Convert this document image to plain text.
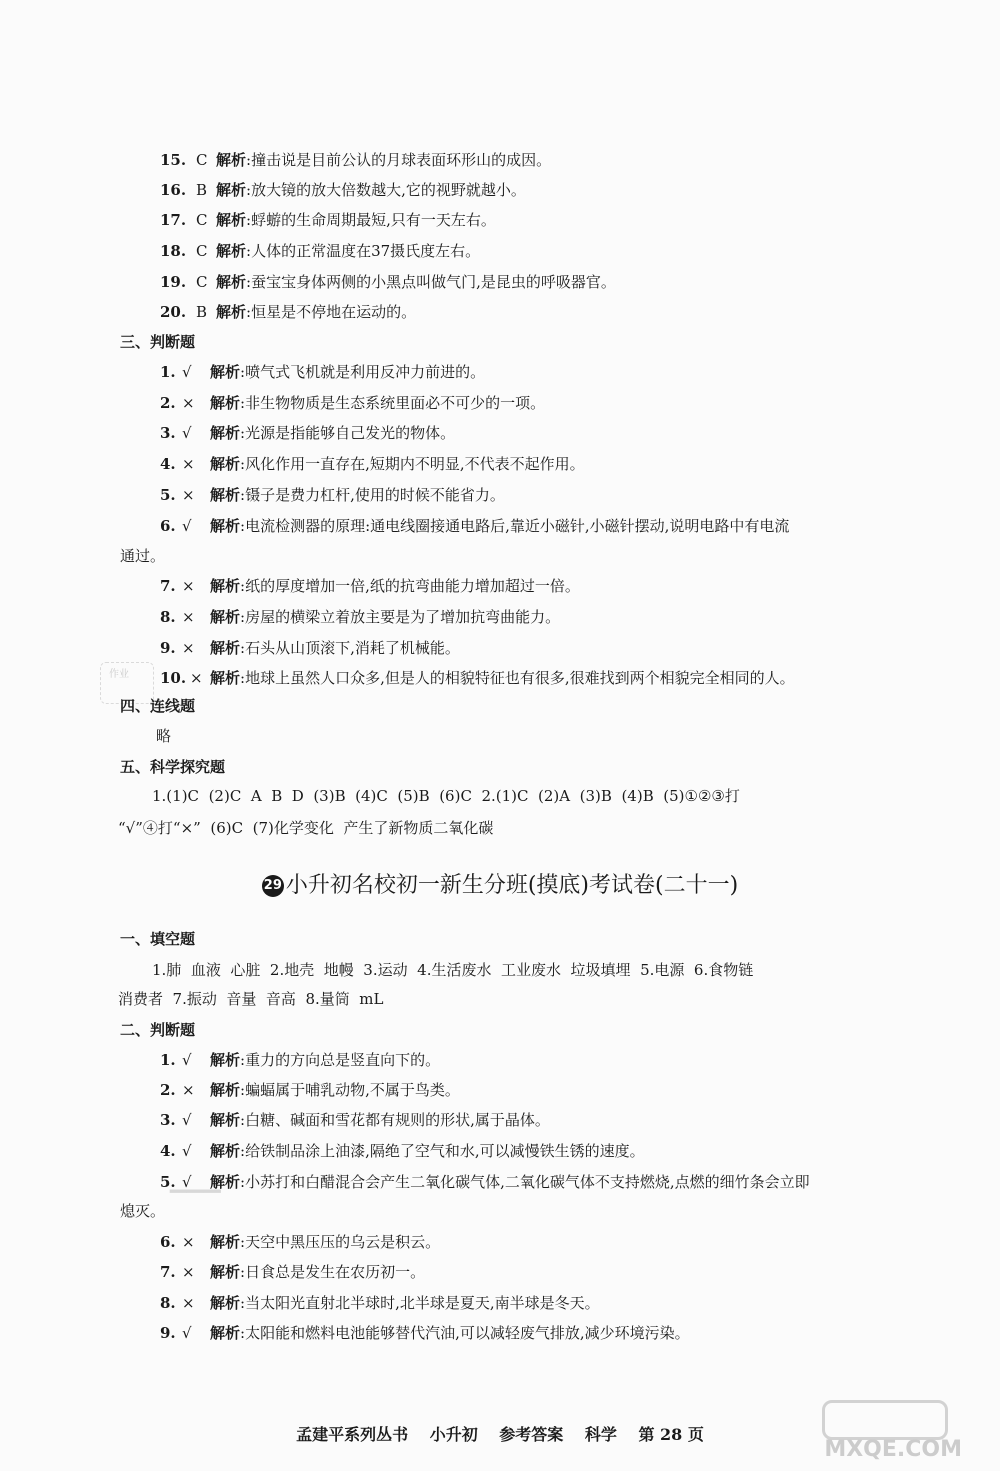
15. C 解析:撞击说是目前公认的月球表面环形山的成因。
16. B 解析:放大镜的放大倍数越大,它的视野就越小。
17. C 解析:蜉蝣的生命周期最短,只有一天左右。
18. C 解析:人体的正常温度在37摄氏度左右。
19. C 解析:蚕宝宝身体两侧的小黑点叫做气门,是昆虫的呼吸器官。
20. B 解析:恒星是不停地在运动的。
三、判断题
1. √ 解析:喷气式飞机就是利用反冲力前进的。
2. × 解析:非生物物质是生态系统里面必不可少的一项。
3. √ 解析:光源是指能够自己发光的物体。
4. × 解析:风化作用一直存在,短期内不明显,不代表不起作用。
5. × 解析:镊子是费力杠杆,使用的时候不能省力。
6. √ 解析:电流检测器的原理:通电线圈接通电路后,靠近小磁针,小磁针摆动,说明电路中有电流
通过。
7. × 解析:纸的厚度增加一倍,纸的抗弯曲能力增加超过一倍。
8. × 解析:房屋的横梁立着放主要是为了增加抗弯曲能力。
9. × 解析:石头从山顶滚下,消耗了机械能。
作业 10. × 解析:地球上虽然人口众多,但是人的相貌特征也有很多,很难找到两个相貌完全相同的人。
四、连线题
略
五、科学探究题
1.(1)C  (2)C  A  B  D  (3)B  (4)C  (5)B  (6)C  2.(1)C  (2)A  (3)B  (4)B  (5)①②③打
“√”④打“×”  (6)C  (7)化学变化  产生了新物质二氧化碳
29 小升初名校初一新生分班(摸底)考试卷(二十一)
一、填空题
1.肺  血液  心脏  2.地壳  地幔  3.运动  4.生活废水  工业废水  垃圾填埋  5.电源  6.食物链
消费者  7.振动  音量  音高  8.量筒  mL
二、判断题
1. √ 解析:重力的方向总是竖直向下的。
2. × 解析:蝙蝠属于哺乳动物,不属于鸟类。
3. √ 解析:白糖、碱面和雪花都有规则的形状,属于晶体。
4. √ 解析:给铁制品涂上油漆,隔绝了空气和水,可以减慢铁生锈的速度。
5. √ 解析:小苏打和白醋混合会产生二氧化碳气体,二氧化碳气体不支持燃烧,点燃的细竹条会立即
熄灭。 ▔▔▔
6. × 解析:天空中黑压压的乌云是积云。
7. × 解析:日食总是发生在农历初一。
8. × 解析:当太阳光直射北半球时,北半球是夏天,南半球是冬天。
9. √ 解析:太阳能和燃料电池能够替代汽油,可以减轻废气排放,减少环境污染。
孟建平系列丛书 小升初 参考答案 科学 第 28 页
MXQE.COM
